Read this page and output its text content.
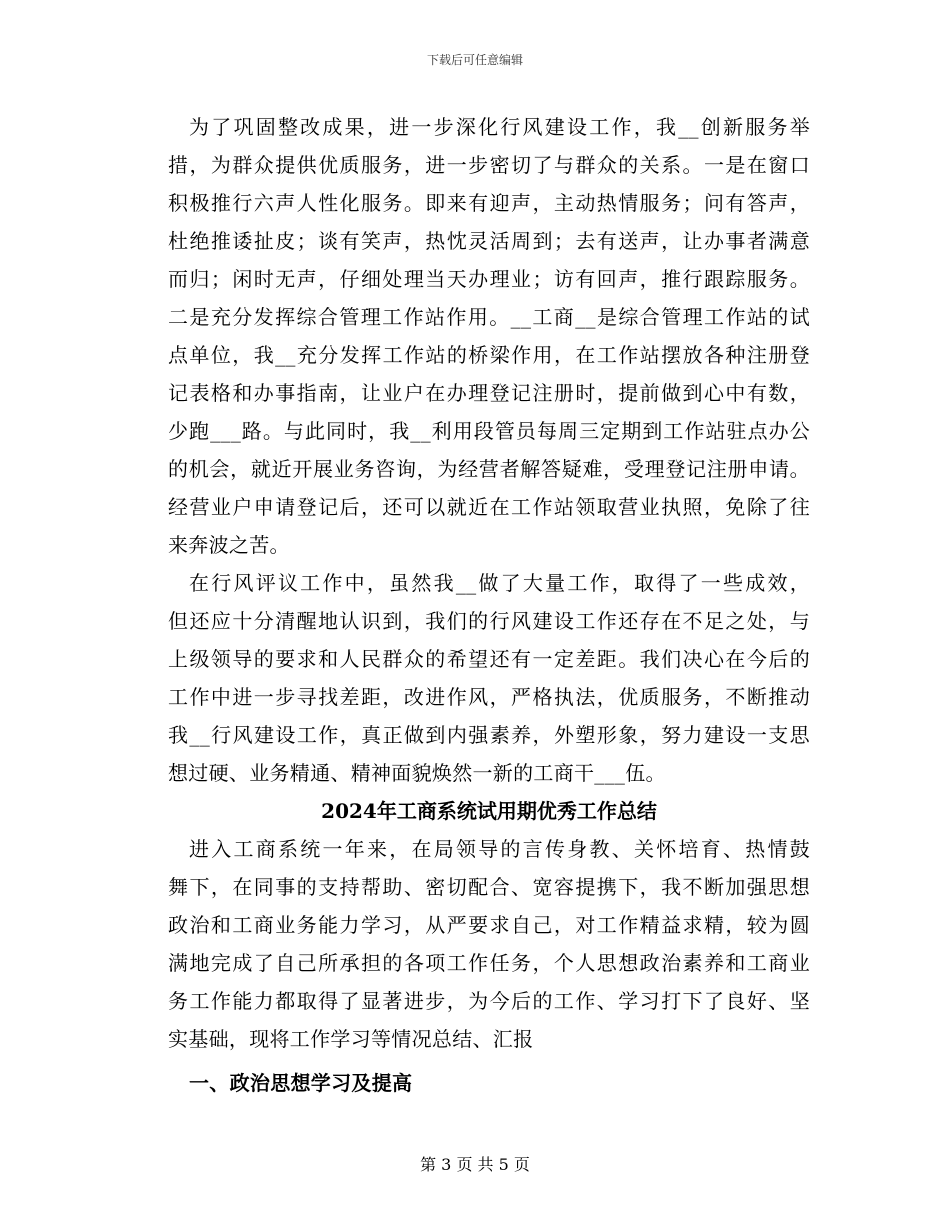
下载后可任意编辑
为了巩固整改成果，进一步深化行风建设工作，我__创新服务举
措，为群众提供优质服务，进一步密切了与群众的关系。一是在窗口
积极推行六声人性化服务。即来有迎声，主动热情服务；问有答声，
杜绝推诿扯皮；谈有笑声，热忱灵活周到；去有送声，让办事者满意
而归；闲时无声，仔细处理当天办理业；访有回声，推行跟踪服务。
二是充分发挥综合管理工作站作用。__工商__是综合管理工作站的试
点单位，我__充分发挥工作站的桥梁作用，在工作站摆放各种注册登
记表格和办事指南，让业户在办理登记注册时，提前做到心中有数，
少跑___路。与此同时，我__利用段管员每周三定期到工作站驻点办公
的机会，就近开展业务咨询，为经营者解答疑难，受理登记注册申请。
经营业户申请登记后，还可以就近在工作站领取营业执照，免除了往
来奔波之苦。
在行风评议工作中，虽然我__做了大量工作，取得了一些成效，
但还应十分清醒地认识到，我们的行风建设工作还存在不足之处，与
上级领导的要求和人民群众的希望还有一定差距。我们决心在今后的
工作中进一步寻找差距，改进作风，严格执法，优质服务，不断推动
我__行风建设工作，真正做到内强素养，外塑形象，努力建设一支思
想过硬、业务精通、精神面貌焕然一新的工商干___伍。
2024年工商系统试用期优秀工作总结
进入工商系统一年来，在局领导的言传身教、关怀培育、热情鼓
舞下，在同事的支持帮助、密切配合、宽容提携下，我不断加强思想
政治和工商业务能力学习，从严要求自己，对工作精益求精，较为圆
满地完成了自己所承担的各项工作任务，个人思想政治素养和工商业
务工作能力都取得了显著进步，为今后的工作、学习打下了良好、坚
实基础，现将工作学习等情况总结、汇报
一、政治思想学习及提高
第 3 页 共 5 页
